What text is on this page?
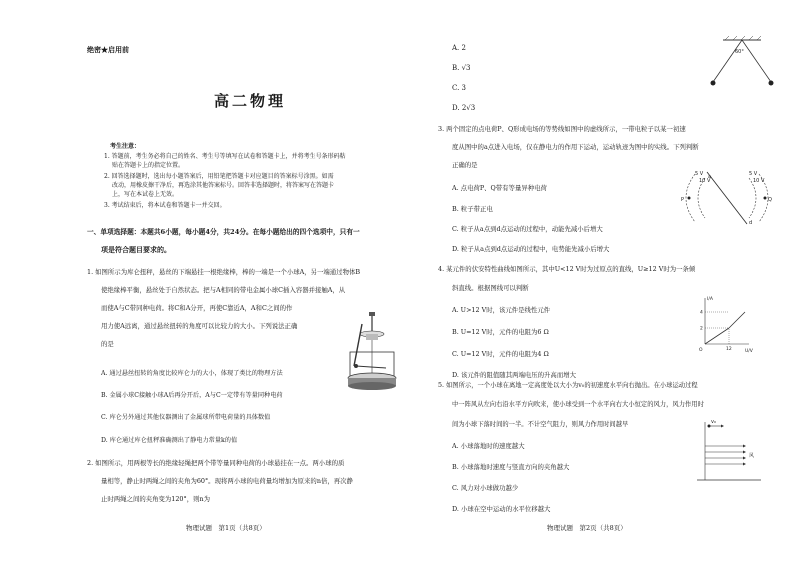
绝密★启用前
高二物理
考生注意：
1. 答题前，考生务必将自己的姓名、考生号等填写在试卷和答题卡上，并将考生号条形码粘
贴在答题卡上的指定位置。
2. 回答选择题时，选出每小题答案后，用铅笔把答题卡对应题目的答案标号涂黑。如需
改动，用橡皮擦干净后，再选涂其他答案标号。回答非选择题时，将答案写在答题卡
上，写在本试卷上无效。
3. 考试结束后，将本试卷和答题卡一并交回。
一、单项选择题：本题共6小题，每小题4分，共24分。在每小题给出的四个选项中，只有一
项是符合题目要求的。
1. 如图所示为库仑扭秤，悬丝的下端悬挂一根绝缘棒，棒的一端是一个小球A，另一端通过物体B
使绝缘棒平衡，悬丝处于自然状态。把与A相同的带电金属小球C插入容器并接触A，从
而使A与C带同种电荷。将C和A分开，再使C靠近A，A和C之间的作
用力使A远离，通过悬丝扭转的角度可以比较力的大小。下列说法正确
的是
A. 通过悬丝扭转的角度比较库仑力的大小，体现了类比的物理方法
B. 金属小球C接触小球A后再分开后，A与C一定带有等量同种电荷
C. 库仑另外通过其他仪器测出了金属球所带电荷量的具体数值
D. 库仑通过库仑扭秤准确测出了静电力常量k的值
2. 如图所示，用两根等长的绝缘轻绳把两个带等量同种电荷的小球悬挂在一点。两小球的质
量相等，静止时两绳之间的夹角为60°。现将两小球的电荷量均增加为原来的n倍，再次静
止时两绳之间的夹角变为120°，则n为
物理试题　第1页（共8页）
A. 2
B. √3
C. 3
D. 2√3
60°
3. 两个固定的点电荷P、Q形成电场的等势线如图中的虚线所示，一带电粒子以某一初速
度从图中的a点进入电场，仅在静电力的作用下运动，运动轨迹为图中的实线。下列判断
正确的是
A. 点电荷P、Q带有等量异种电荷
B. 粒子带正电
C. 粒子从a点到d点运动的过程中，动能先减小后增大
D. 粒子从a点到d点运动的过程中，电势能先减小后增大
5 V
10 V
5 V
10 V
P	Q
a
d
4. 某元件的伏安特性曲线如图所示，其中U<12 V时为过原点的直线，U≥12 V时为一条倾
斜直线。根据图线可以判断
A. U>12 V时，该元件是线性元件
B. U=12 V时，元件的电阻为6 Ω
C. U=12 V时，元件的电阻为4 Ω
D. 该元件的阻值随其两端电压的升高而增大
12
2
4
I/A
U/V
O
5. 如图所示，一个小球在离地一定高度处以大小为v₀的初速度水平向右抛出。在小球运动过程
中一阵风从左向右沿水平方向吹来，使小球受到一个水平向右大小恒定的风力，风力作用时
间为小球下落时间的一半。不计空气阻力，则风力作用时间越早
A. 小球落地时的速度越大
B. 小球落地时速度与竖直方向的夹角越大
C. 风力对小球做功越少
D. 小球在空中运动的水平位移越大
v₀
风
物理试题　第2页（共8页）
